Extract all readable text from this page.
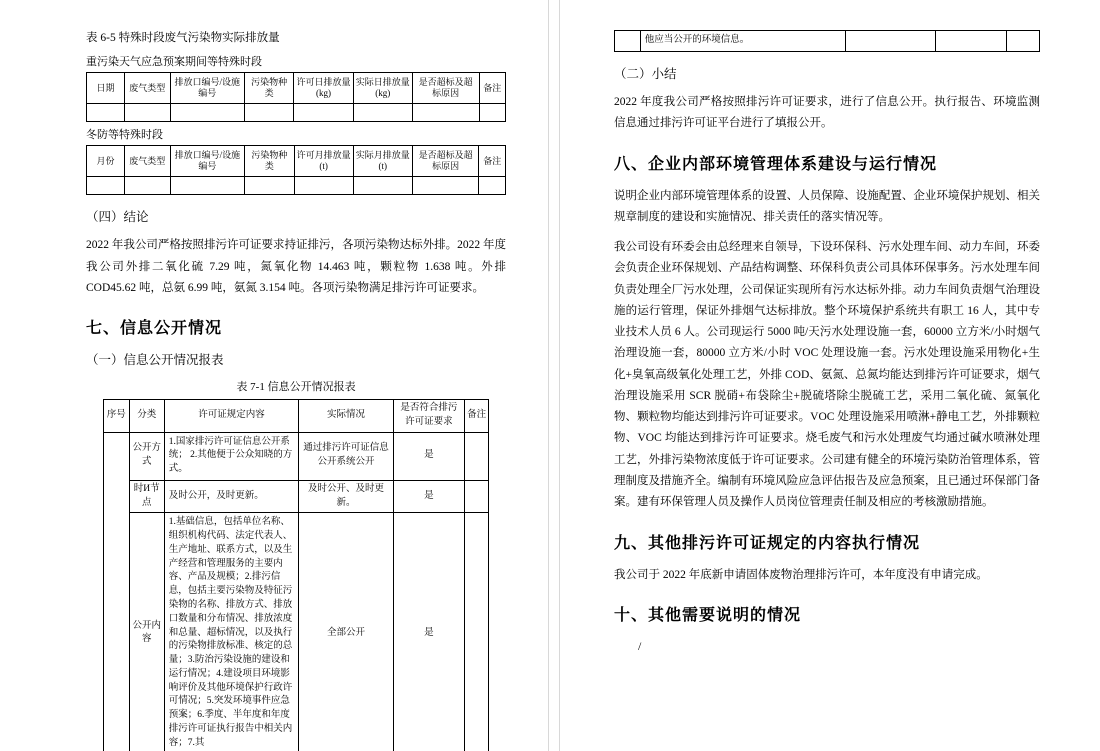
表 6-5 特殊时段废气污染物实际排放量
重污染天气应急预案期间等特殊时段
日期	废气类型	排放口编号/设施编号	污染物种类	许可日排放量(kg)	实际日排放量(kg)	是否超标及超标原因	备注

冬防等特殊时段
月份	废气类型	排放口编号/设施编号	污染物种类	许可月排放量(t)	实际月排放量(t)	是否超标及超标原因	备注

（四）结论
2022 年我公司严格按照排污许可证要求持证排污，各项污染物达标外排。2022 年度我公司外排二氧化硫 7.29 吨，氮氧化物 14.463 吨，颗粒物 1.638 吨。外排 COD45.62 吨，总氨 6.99 吨，氨氮 3.154 吨。各项污染物满足排污许可证要求。
七、信息公开情况
（一）信息公开情况报表
表 7-1 信息公开情况报表
序号	分类	许可证规定内容	实际情况	是否符合排污许可证要求	备注
	公开方式	1.国家排污许可证信息公开系统； 2.其他便于公众知晓的方式。	通过排污许可证信息公开系统公开	是	
	时И节点	及时公开，及时更新。	及时公开、及时更新。	是	
	公开内容	1.基础信息，包括单位名称、组织机构代码、法定代表人、生产地址、联系方式，以及生产经营和管理服务的主要内容、产品及规模；2.排污信息，包括主要污染物及特征污染物的名称、排放方式、排放口数量和分布情况、排放浓度和总量、超标情况，以及执行的污染物排放标准、核定的总量；3.防治污染设施的建设和运行情况；4.建设项目环境影响评价及其他环境保护行政许可情况；5.突发环境事件应急预案；6.季度、半年度和年度排污许可证执行报告中相关内容；7.其	全部公开	是	
	他应当公开的环境信息。			
（二）小结
2022 年度我公司严格按照排污许可证要求，进行了信息公开。执行报告、环境监测信息通过排污许可证平台进行了填报公开。
八、企业内部环境管理体系建设与运行情况
说明企业内部环境管理体系的设置、人员保障、设施配置、企业环境保护规划、相关规章制度的建设和实施情况、排关责任的落实情况等。
我公司设有环委会由总经理来自领导，下设环保科、污水处理车间、动力车间，环委会负责企业环保规划、产品结构调整、环保科负责公司具体环保事务。污水处理车间负责处理全厂污水处理，公司保证实现所有污水达标外排。动力车间负责烟气治理设施的运行管理，保证外排烟气达标排放。整个环境保护系统共有职工 16 人，其中专业技术人员 6 人。公司现运行 5000 吨/天污水处理设施一套，60000 立方米/小时烟气治理设施一套，80000 立方米/小时 VOC 处理设施一套。污水处理设施采用物化+生化+臭氧高级氧化处理工艺，外排 COD、氨氮、总氮均能达到排污许可证要求，烟气治理设施采用 SCR 脱硝+布袋除尘+脱硫塔除尘脱硫工艺，采用二氧化硫、氮氧化物、颗粒物均能达到排污许可证要求。VOC 处理设施采用喷淋+静电工艺，外排颗粒物、VOC 均能达到排污许可证要求。烧毛废气和污水处理废气均通过碱水喷淋处理工艺，外排污染物浓度低于许可证要求。公司建有健全的环境污染防治管理体系，管理制度及措施齐全。编制有环境风险应急评估报告及应急预案，且已通过环保部门备案。建有环保管理人员及操作人员岗位管理责任制及相应的考核激励措施。
九、其他排污许可证规定的内容执行情况
我公司于 2022 年底新申请固体废物治理排污许可，本年度没有申请完成。
十、其他需要说明的情况
/
